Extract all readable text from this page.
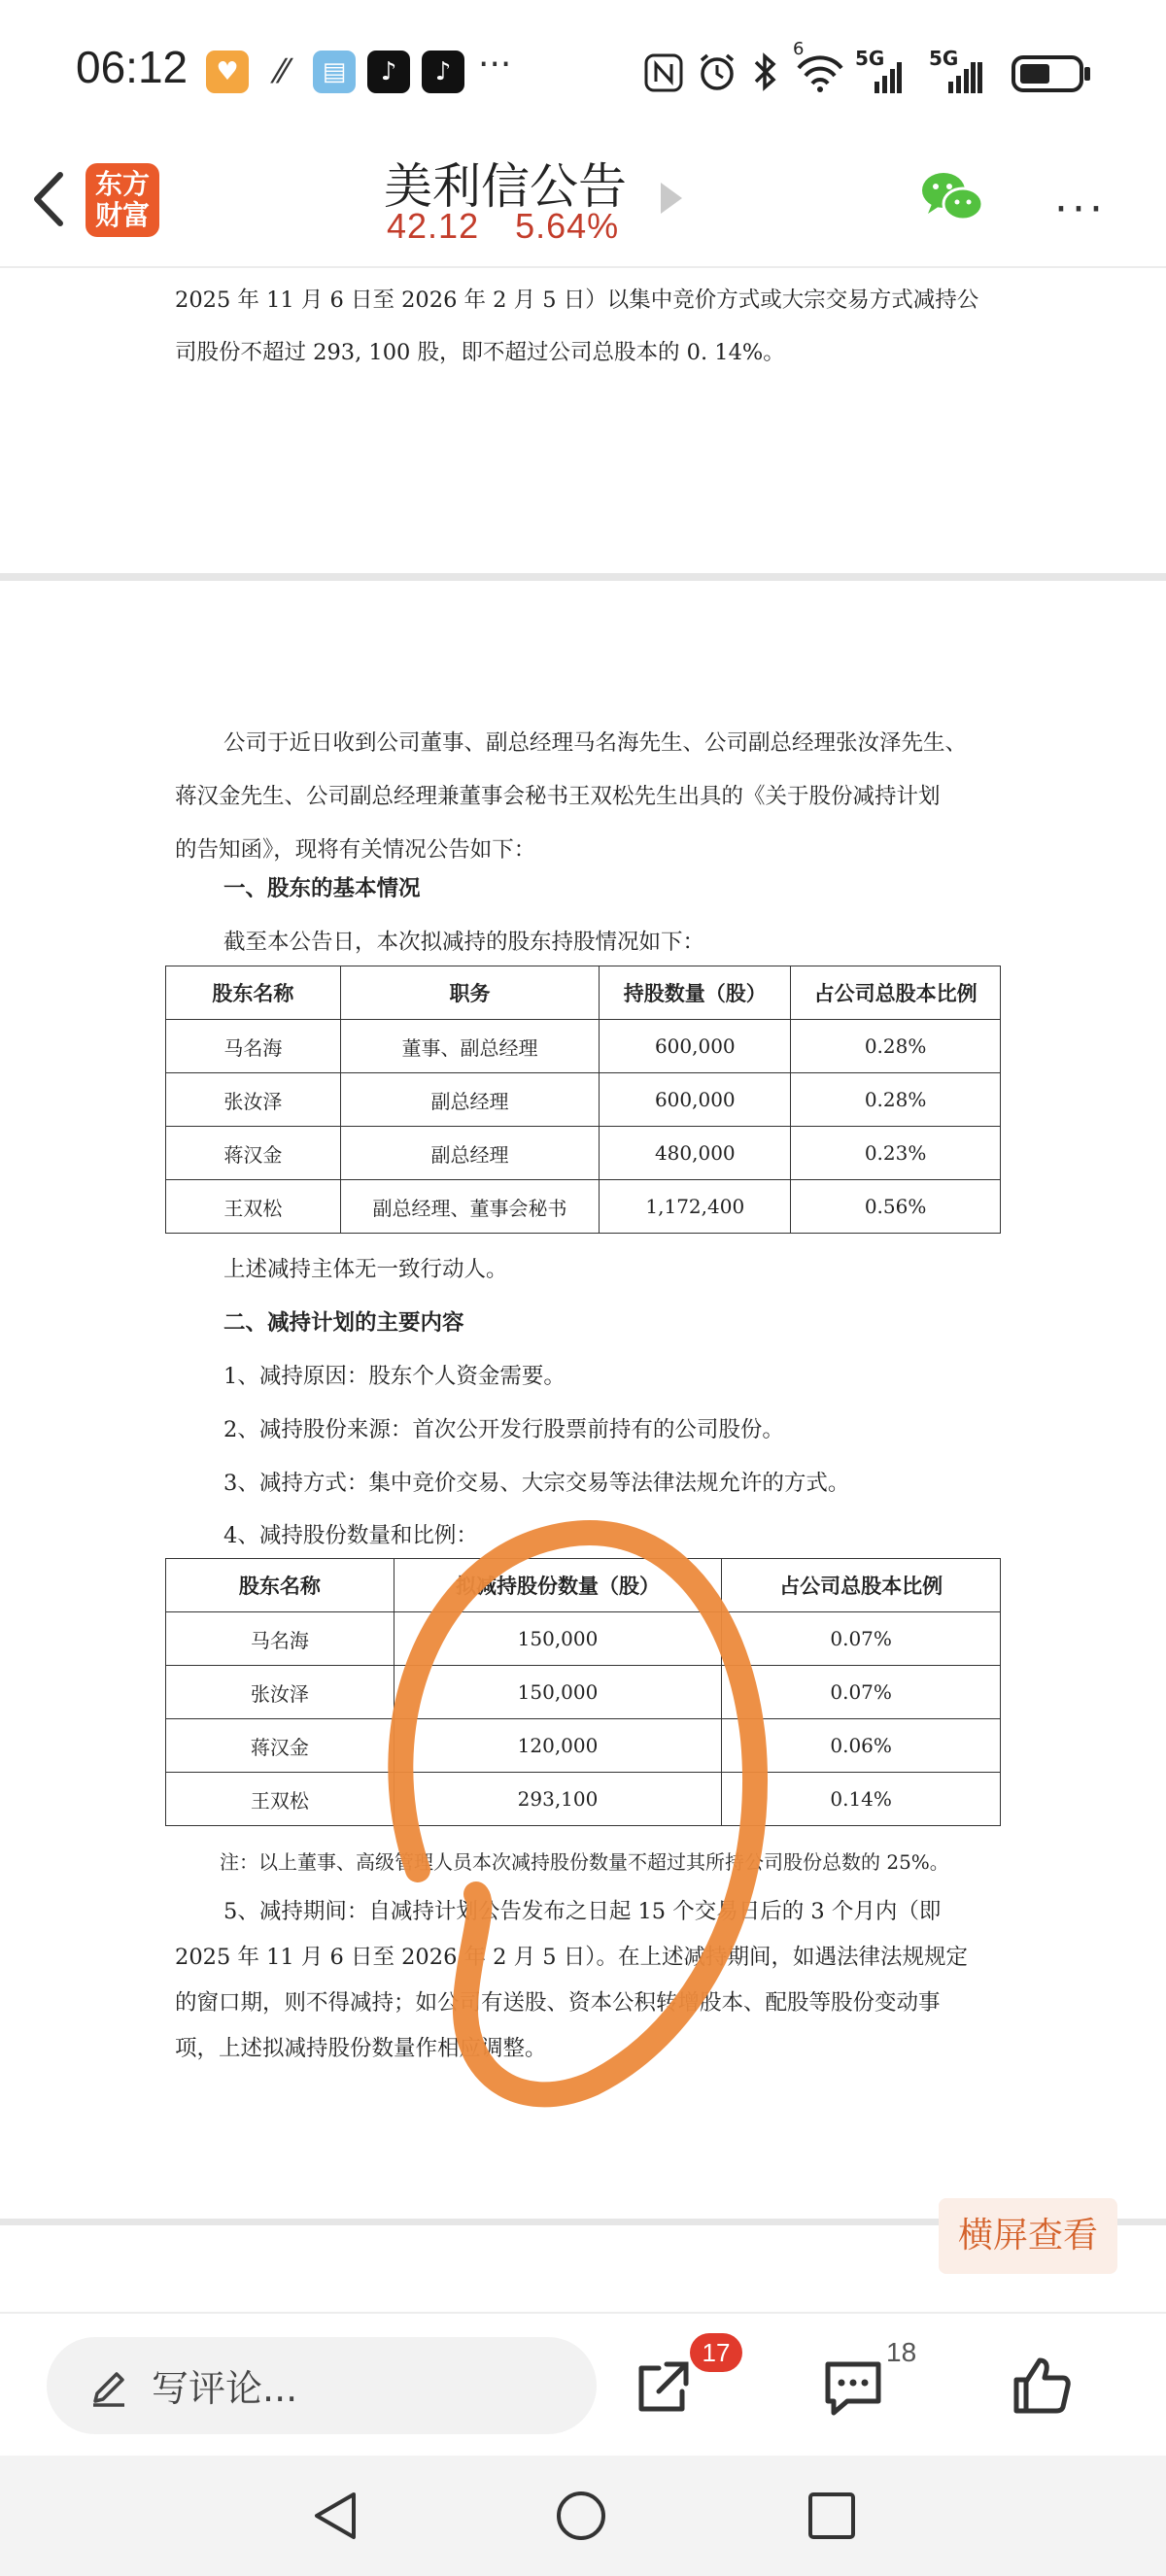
06:12	♥	⁄⁄	▤	♪	♪ ···	6	5G 5G
东方
财富
美利信公告
42.12 5.64%	···
2025 年 11 月 6 日至 2026 年 2 月 5 日）以集中竞价方式或大宗交易方式减持公
司股份不超过 293, 100 股，即不超过公司总股本的 0. 14%。
公司于近日收到公司董事、副总经理马名海先生、公司副总经理张汝泽先生、
蒋汉金先生、公司副总经理兼董事会秘书王双松先生出具的《关于股份减持计划
的告知函》，现将有关情况公告如下：
一、股东的基本情况
截至本公告日，本次拟减持的股东持股情况如下：
股东名称	职务	持股数量（股）	占公司总股本比例
马名海	董事、副总经理	600,000	0.28%
张汝泽	副总经理	600,000	0.28%
蒋汉金	副总经理	480,000	0.23%
王双松	副总经理、董事会秘书	1,172,400	0.56%
上述减持主体无一致行动人。
二、减持计划的主要内容
1、减持原因：股东个人资金需要。
2、减持股份来源：首次公开发行股票前持有的公司股份。
3、减持方式：集中竞价交易、大宗交易等法律法规允许的方式。
4、减持股份数量和比例：
股东名称	拟减持股份数量（股）	占公司总股本比例
马名海	150,000	0.07%
张汝泽	150,000	0.07%
蒋汉金	120,000	0.06%
王双松	293,100	0.14%
注：以上董事、高级管理人员本次减持股份数量不超过其所持公司股份总数的 25%。
5、减持期间：自减持计划公告发布之日起 15 个交易日后的 3 个月内（即
2025 年 11 月 6 日至 2026 年 2 月 5 日）。在上述减持期间，如遇法律法规规定
的窗口期，则不得减持；如公司有送股、资本公积转增股本、配股等股份变动事
项，上述拟减持股份数量作相应调整。
横屏查看
写评论...
17	18
